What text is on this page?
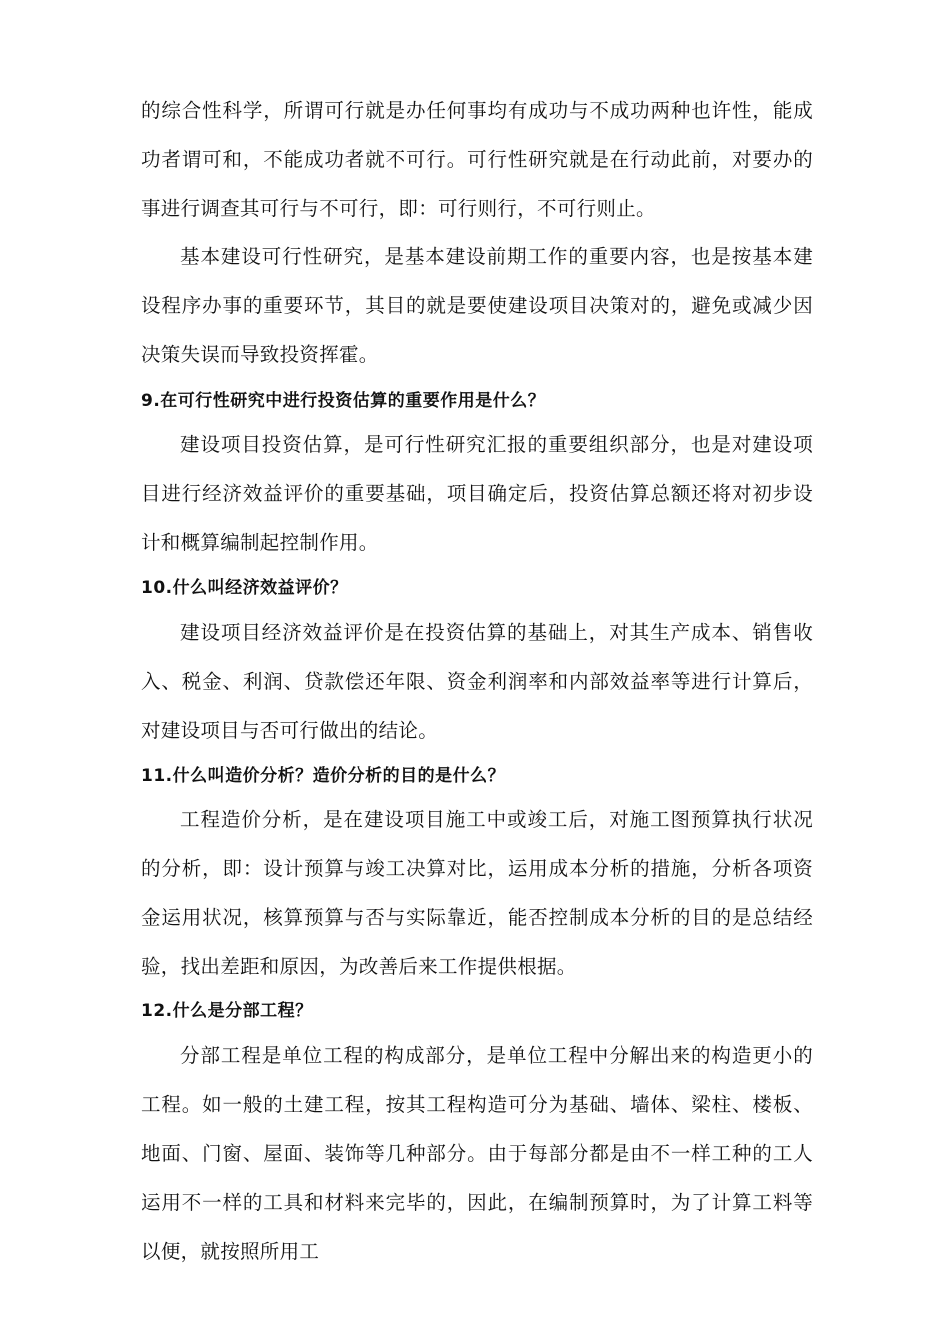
的综合性科学，所谓可行就是办任何事均有成功与不成功两种也许性，能成功者谓可和，不能成功者就不可行。可行性研究就是在行动此前，对要办的事进行调查其可行与不可行，即：可行则行，不可行则止。

基本建设可行性研究，是基本建设前期工作的重要内容，也是按基本建设程序办事的重要环节，其目的就是要使建设项目决策对的，避免或减少因决策失误而导致投资挥霍。

9.在可行性研究中进行投资估算的重要作用是什么？

建设项目投资估算，是可行性研究汇报的重要组织部分，也是对建设项目进行经济效益评价的重要基础，项目确定后，投资估算总额还将对初步设计和概算编制起控制作用。

10.什么叫经济效益评价？

建设项目经济效益评价是在投资估算的基础上，对其生产成本、销售收入、税金、利润、贷款偿还年限、资金利润率和内部效益率等进行计算后，对建设项目与否可行做出的结论。

11.什么叫造价分析？造价分析的目的是什么？

工程造价分析，是在建设项目施工中或竣工后，对施工图预算执行状况的分析，即：设计预算与竣工决算对比，运用成本分析的措施，分析各项资金运用状况，核算预算与否与实际靠近，能否控制成本分析的目的是总结经验，找出差距和原因，为改善后来工作提供根据。

12.什么是分部工程？

分部工程是单位工程的构成部分，是单位工程中分解出来的构造更小的工程。如一般的土建工程，按其工程构造可分为基础、墙体、梁柱、楼板、地面、门窗、屋面、装饰等几种部分。由于每部分都是由不一样工种的工人运用不一样的工具和材料来完毕的，因此，在编制预算时，为了计算工料等以便，就按照所用工
